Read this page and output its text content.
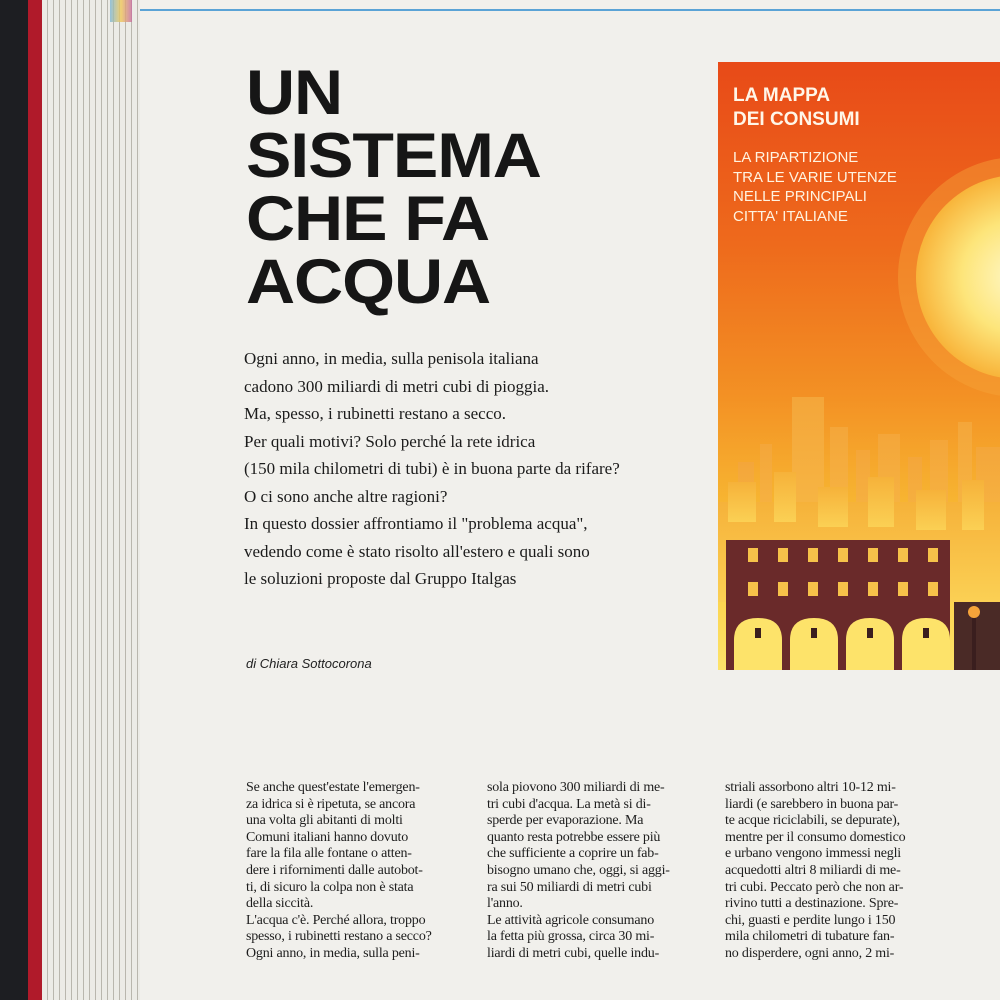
UN
SISTEMA
CHE FA
ACQUA

Ogni anno, in media, sulla penisola italiana
cadono 300 miliardi di metri cubi di pioggia.
Ma, spesso, i rubinetti restano a secco.
Per quali motivi? Solo perché la rete idrica
(150 mila chilometri di tubi) è in buona parte da rifare?
O ci sono anche altre ragioni?
In questo dossier affrontiamo il "problema acqua",
vedendo come è stato risolto all'estero e quali sono
le soluzioni proposte dal Gruppo Italgas

di Chiara Sottocorona
Se anche quest'estate l'emergen-
za idrica si è ripetuta, se ancora
una volta gli abitanti di molti
Comuni italiani hanno dovuto
fare la fila alle fontane o atten-
dere i rifornimenti dalle autobot-
ti, di sicuro la colpa non è stata
della siccità.
L'acqua c'è. Perché allora, troppo
spesso, i rubinetti restano a secco?
Ogni anno, in media, sulla peni-
sola piovono 300 miliardi di me-
tri cubi d'acqua. La metà si di-
sperde per evaporazione. Ma
quanto resta potrebbe essere più
che sufficiente a coprire un fab-
bisogno umano che, oggi, si aggi-
ra sui 50 miliardi di metri cubi
l'anno.
Le attività agricole consumano
la fetta più grossa, circa 30 mi-
liardi di metri cubi, quelle indu-
striali assorbono altri 10-12 mi-
liardi (e sarebbero in buona par-
te acque riciclabili, se depurate),
mentre per il consumo domestico
e urbano vengono immessi negli
acquedotti altri 8 miliardi di me-
tri cubi. Peccato però che non ar-
rivino tutti a destinazione. Spre-
chi, guasti e perdite lungo i 150
mila chilometri di tubature fan-
no disperdere, ogni anno, 2 mi-
LA MAPPA
DEI CONSUMI

LA RIPARTIZIONE
TRA LE VARIE UTENZE
NELLE PRINCIPALI
CITTA' ITALIANE
